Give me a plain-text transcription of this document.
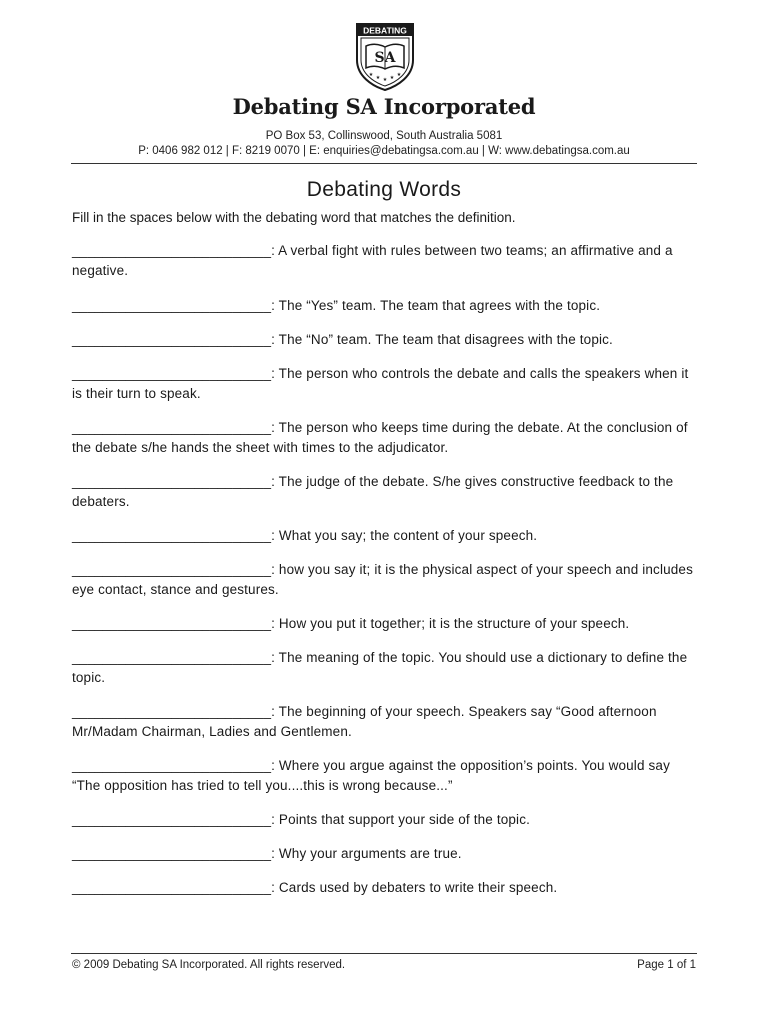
DEBATING
SA
★ ★ ★ ★ ★
Debating SA Incorporated
PO Box 53, Collinswood, South Australia 5081
P: 0406 982 012 | F: 8219 0070 | E: enquiries@debatingsa.com.au | W: www.debatingsa.com.au
Debating Words
Fill in the spaces below with the debating word that matches the definition.
__________________________: A verbal fight with rules between two teams; an affirmative and a negative.
__________________________: The “Yes” team. The team that agrees with the topic.
__________________________: The “No” team. The team that disagrees with the topic.
__________________________: The person who controls the debate and calls the speakers when it is their turn to speak.
__________________________: The person who keeps time during the debate. At the conclusion of the debate s/he hands the sheet with times to the adjudicator.
__________________________: The judge of the debate. S/he gives constructive feedback to the debaters.
__________________________: What you say; the content of your speech.
__________________________: how you say it; it is the physical aspect of your speech and includes eye contact, stance and gestures.
__________________________: How you put it together; it is the structure of your speech.
__________________________: The meaning of the topic. You should use a dictionary to define the topic.
__________________________: The beginning of your speech. Speakers say “Good afternoon Mr/Madam Chairman, Ladies and Gentlemen.
__________________________: Where you argue against the opposition’s points. You would say “The opposition has tried to tell you....this is wrong because...”
__________________________: Points that support your side of the topic.
__________________________: Why your arguments are true.
__________________________: Cards used by debaters to write their speech.
© 2009 Debating SA Incorporated. All rights reserved.	Page 1 of 1
